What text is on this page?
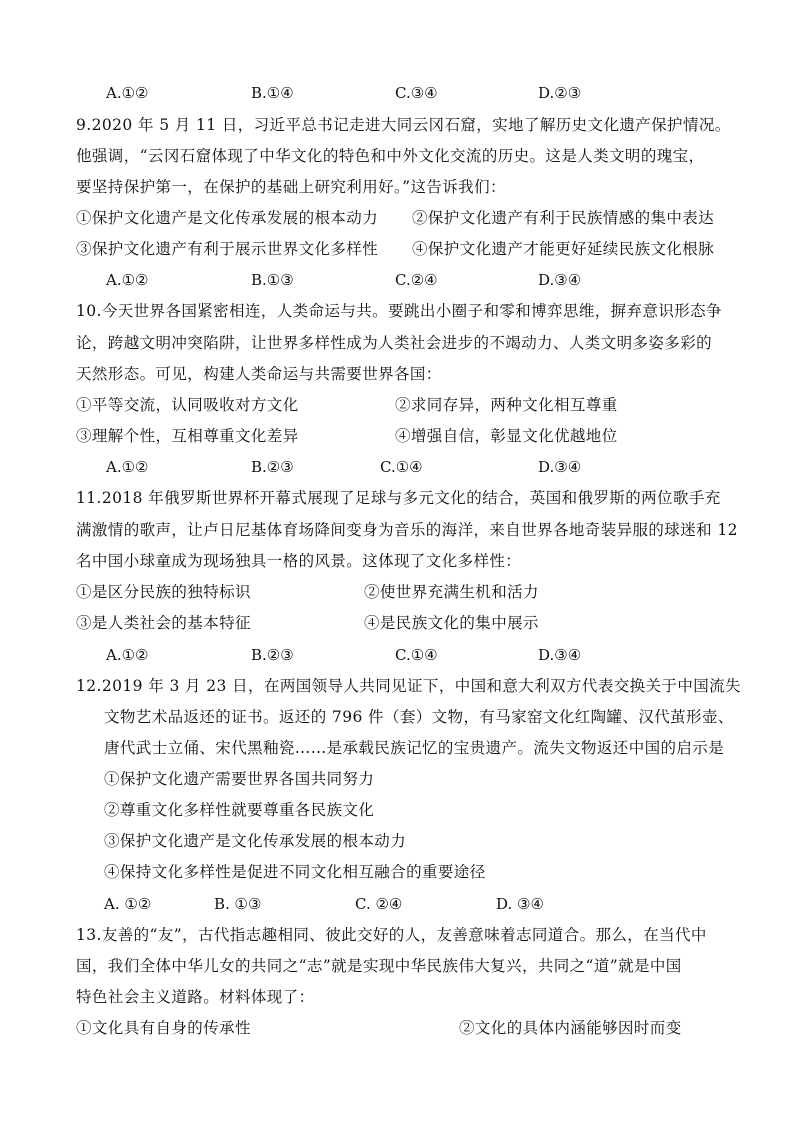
A.①②	B.①④	C.③④	D.②③
9.2020 年 5 月 11 日，习近平总书记走进大同云冈石窟，实地了解历史文化遗产保护情况。
他强调，“云冈石窟体现了中华文化的特色和中外文化交流的历史。这是人类文明的瑰宝，
要坚持保护第一，在保护的基础上研究利用好。”这告诉我们：
①保护文化遗产是文化传承发展的根本动力 ②保护文化遗产有利于民族情感的集中表达
③保护文化遗产有利于展示世界文化多样性 ④保护文化遗产才能更好延续民族文化根脉
A.①②	B.①③	C.②④	D.③④
10.今天世界各国紧密相连，人类命运与共。要跳出小圈子和零和博弈思维，摒弃意识形态争
论，跨越文明冲突陷阱，让世界多样性成为人类社会进步的不竭动力、人类文明多姿多彩的
天然形态。可见，构建人类命运与共需要世界各国：
①平等交流，认同吸收对方文化	②求同存异，两种文化相互尊重
③理解个性，互相尊重文化差异	④增强自信，彰显文化优越地位
A.①②	B.②③	C.①④	D.③④
11.2018 年俄罗斯世界杯开幕式展现了足球与多元文化的结合，英国和俄罗斯的两位歌手充
满激情的歌声，让卢日尼基体育场降间变身为音乐的海洋，来自世界各地奇装异服的球迷和 12
名中国小球童成为现场独具一格的风景。这体现了文化多样性：
①是区分民族的独特标识	②使世界充满生机和活力
③是人类社会的基本特征	④是民族文化的集中展示
A.①②	B.②③	C.①④	D.③④
12.2019 年 3 月 23 日，在两国领导人共同见证下，中国和意大利双方代表交换关于中国流失
文物艺术品返还的证书。返还的 796 件（套）文物，有马家窑文化红陶罐、汉代茧形壶、
唐代武士立俑、宋代黑釉瓷……是承载民族记忆的宝贵遗产。流失文物返还中国的启示是
①保护文化遗产需要世界各国共同努力
②尊重文化多样性就要尊重各民族文化
③保护文化遗产是文化传承发展的根本动力
④保持文化多样性是促进不同文化相互融合的重要途径
A. ①②	B. ①③	C. ②④	D. ③④
13.友善的“友”，古代指志趣相同、彼此交好的人，友善意味着志同道合。那么，在当代中
国，我们全体中华儿女的共同之“志”就是实现中华民族伟大复兴，共同之“道”就是中国
特色社会主义道路。材料体现了：
①文化具有自身的传承性	②文化的具体内涵能够因时而变
